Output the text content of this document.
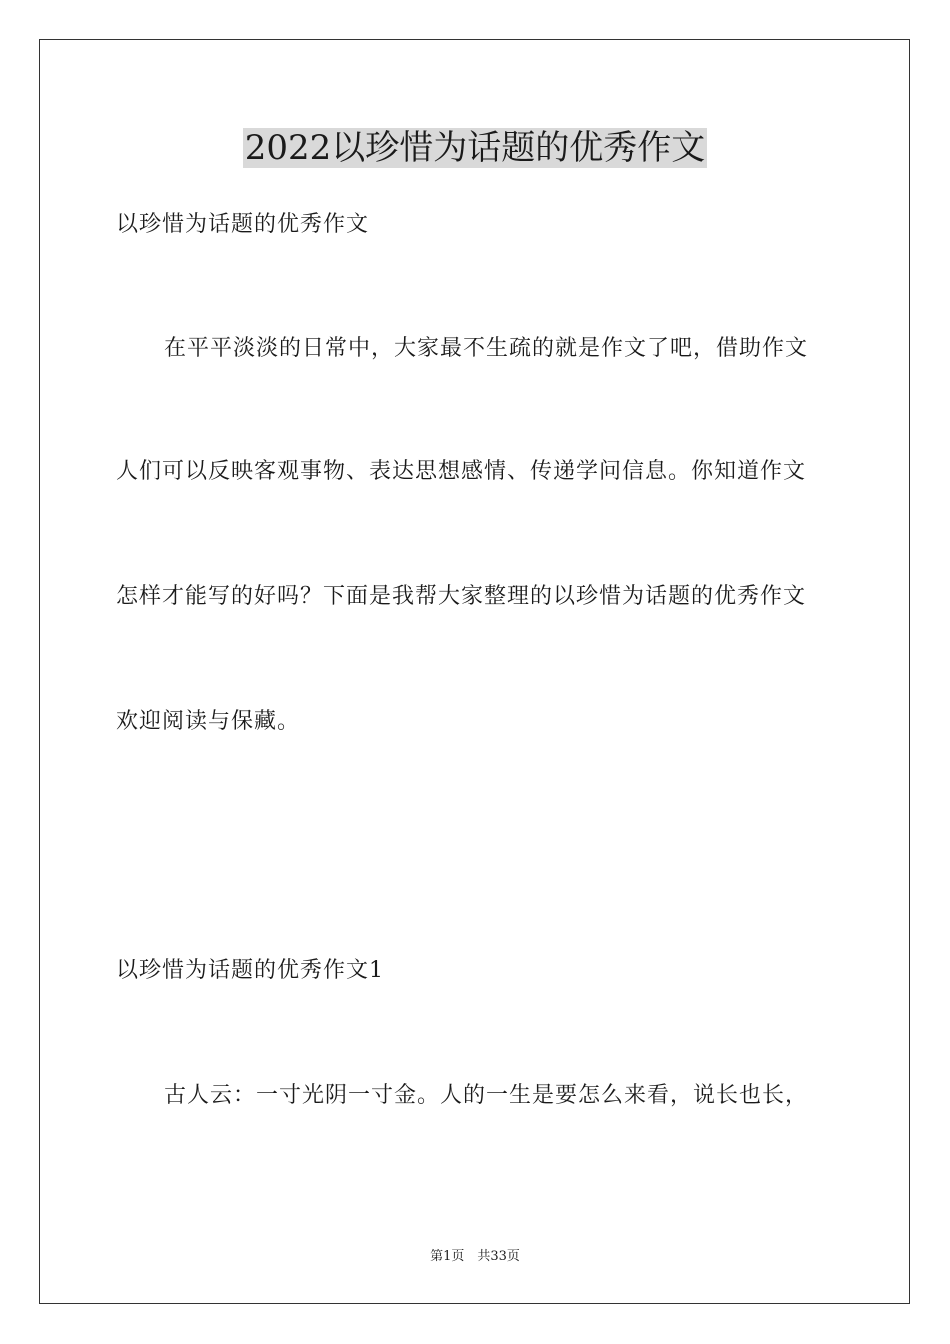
2022以珍惜为话题的优秀作文
以珍惜为话题的优秀作文
在平平淡淡的日常中，大家最不生疏的就是作文了吧，借助作文
人们可以反映客观事物、表达思想感情、传递学问信息。你知道作文
怎样才能写的好吗？下面是我帮大家整理的以珍惜为话题的优秀作文
欢迎阅读与保藏。
以珍惜为话题的优秀作文1
古人云：一寸光阴一寸金。人的一生是要怎么来看，说长也长，
第1页　共33页
